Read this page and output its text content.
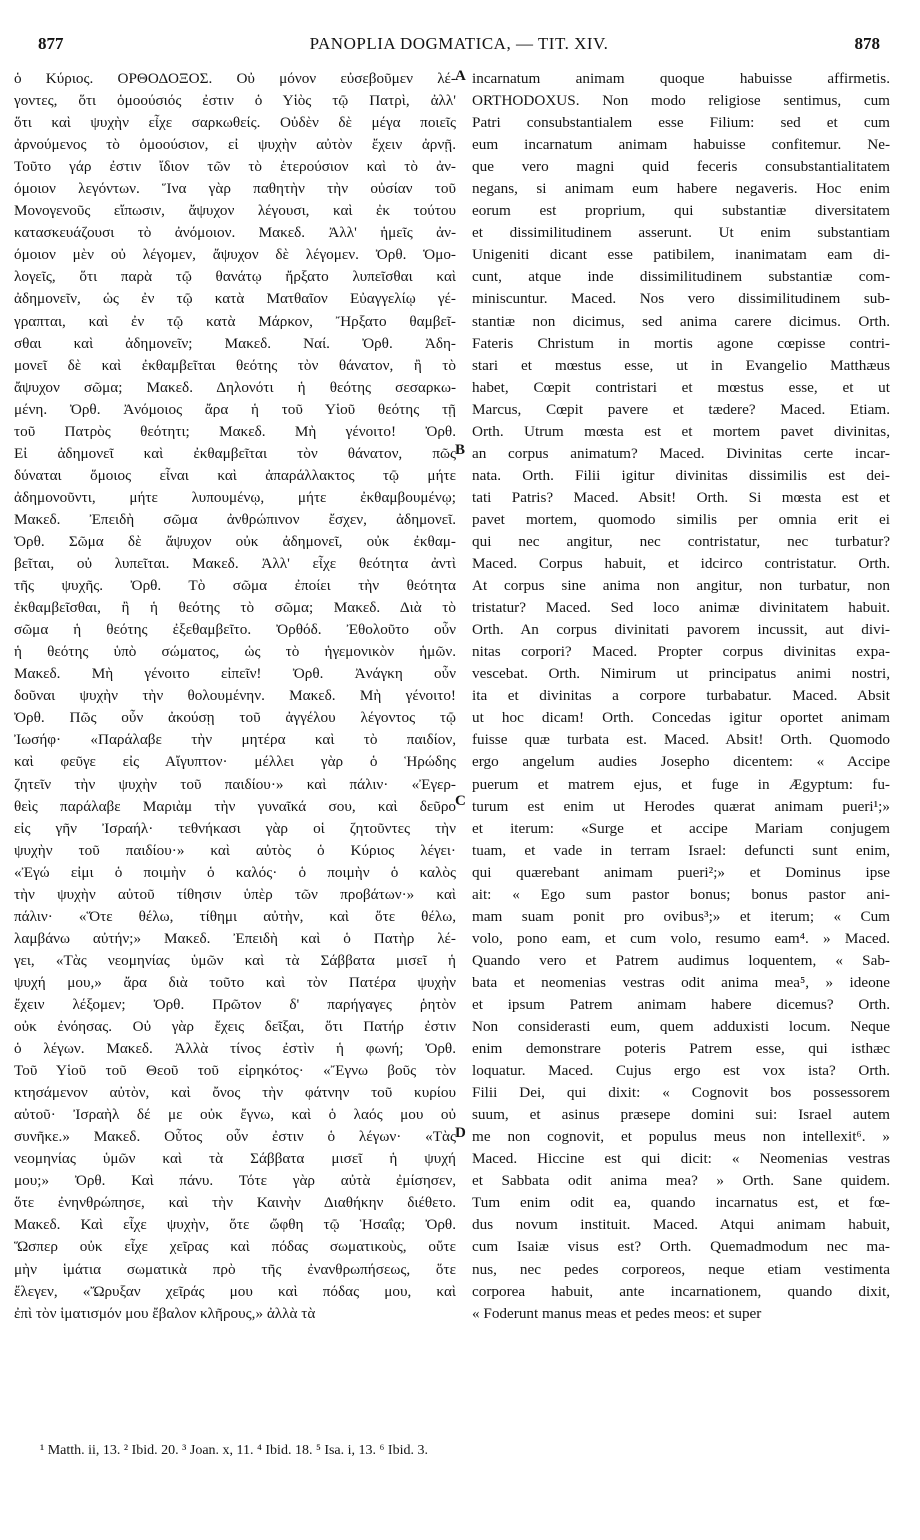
877	PANOPLIA DOGMATICA, — TIT. XIV.	878
ὁ Κύριος. ΟΡΘΟΔΟΞΟΣ. Οὐ μόνον εὐσεβοῦμεν λέ-
γοντες, ὅτι ὁμοούσιός ἐστιν ὁ Υἱὸς τῷ Πατρὶ, ἀλλ'
ὅτι καὶ ψυχὴν εἶχε σαρκωθείς. Οὐδὲν δὲ μέγα ποιεῖς
ἀρνούμενος τὸ ὁμοούσιον, εἰ ψυχὴν αὐτὸν ἔχειν ἀρνῇ.
Τοῦτο γάρ ἐστιν ἴδιον τῶν τὸ ἑτερούσιον καὶ τὸ ἀν-
όμοιον λεγόντων. Ἵνα γὰρ παθητὴν τὴν οὐσίαν τοῦ
Μονογενοῦς εἴπωσιν, ἄψυχον λέγουσι, καὶ ἐκ τούτου
κατασκευάζουσι τὸ ἀνόμοιον. Μακεδ. Ἀλλ' ἡμεῖς ἀν-
όμοιον μὲν οὐ λέγομεν, ἄψυχον δὲ λέγομεν. Ὀρθ. Ὁμο-
λογεῖς, ὅτι παρὰ τῷ θανάτῳ ἤρξατο λυπεῖσθαι καὶ
ἀδημονεῖν, ὡς ἐν τῷ κατὰ Ματθαῖον Εὐαγγελίῳ γέ-
γραπται, καὶ ἐν τῷ κατὰ Μάρκον, Ἤρξατο θαμβεῖ-
σθαι καὶ ἀδημονεῖν; Μακεδ. Ναί. Ὀρθ. Ἀδη-
μονεῖ δὲ καὶ ἐκθαμβεῖται θεότης τὸν θάνατον, ἢ τὸ
ἄψυχον σῶμα; Μακεδ. Δηλονότι ἡ θεότης σεσαρκω-
μένη. Ὀρθ. Ἀνόμοιος ἄρα ἡ τοῦ Υἱοῦ θεότης τῇ
τοῦ Πατρὸς θεότητι; Μακεδ. Μὴ γένοιτο! Ὀρθ.
Εἰ ἀδημονεῖ καὶ ἐκθαμβεῖται τὸν θάνατον, πῶς
δύναται ὅμοιος εἶναι καὶ ἀπαράλλακτος τῷ μήτε
ἀδημονοῦντι, μήτε λυπουμένῳ, μήτε ἐκθαμβουμένῳ;
Μακεδ. Ἐπειδὴ σῶμα ἀνθρώπινον ἔσχεν, ἀδημονεῖ.
Ὀρθ. Σῶμα δὲ ἄψυχον οὐκ ἀδημονεῖ, οὐκ ἐκθαμ-
βεῖται, οὐ λυπεῖται. Μακεδ. Ἀλλ' εἶχε θεότητα ἀντὶ
τῆς ψυχῆς. Ὀρθ. Τὸ σῶμα ἐποίει τὴν θεότητα
ἐκθαμβεῖσθαι, ἢ ἡ θεότης τὸ σῶμα; Μακεδ. Διὰ τὸ
σῶμα ἡ θεότης ἐξεθαμβεῖτο. Ὀρθόδ. Ἐθολοῦτο οὖν
ἡ θεότης ὑπὸ σώματος, ὡς τὸ ἡγεμονικὸν ἡμῶν.
Μακεδ. Μὴ γένοιτο εἰπεῖν! Ὀρθ. Ἀνάγκη οὖν
δοῦναι ψυχὴν τὴν θολουμένην. Μακεδ. Μὴ γένοιτο!
Ὀρθ. Πῶς οὖν ἀκούσῃ τοῦ ἀγγέλου λέγοντος τῷ
Ἰωσήφ· «Παράλαβε τὴν μητέρα καὶ τὸ παιδίον,
καὶ φεῦγε εἰς Αἴγυπτον· μέλλει γὰρ ὁ Ἡρώδης
ζητεῖν τὴν ψυχὴν τοῦ παιδίου·» καὶ πάλιν· «Ἐγερ-
θεὶς παράλαβε Μαριὰμ τὴν γυναῖκά σου, καὶ δεῦρο
εἰς γῆν Ἰσραήλ· τεθνήκασι γὰρ οἱ ζητοῦντες τὴν
ψυχὴν τοῦ παιδίου·» καὶ αὐτὸς ὁ Κύριος λέγει·
«Ἐγώ εἰμι ὁ ποιμὴν ὁ καλός· ὁ ποιμὴν ὁ καλὸς
τὴν ψυχὴν αὐτοῦ τίθησιν ὑπὲρ τῶν προβάτων·» καὶ
πάλιν· «Ὅτε θέλω, τίθημι αὐτὴν, καὶ ὅτε θέλω,
λαμβάνω αὐτήν;» Μακεδ. Ἐπειδὴ καὶ ὁ Πατὴρ λέ-
γει, «Τὰς νεομηνίας ὑμῶν καὶ τὰ Σάββατα μισεῖ ἡ
ψυχή μου,» ἄρα διὰ τοῦτο καὶ τὸν Πατέρα ψυχὴν
ἔχειν λέξομεν; Ὀρθ. Πρῶτον δ' παρήγαγες ῥητὸν
οὐκ ἐνόησας. Οὐ γὰρ ἔχεις δεῖξαι, ὅτι Πατήρ ἐστιν
ὁ λέγων. Μακεδ. Ἀλλὰ τίνος ἐστὶν ἡ φωνή; Ὀρθ.
Τοῦ Υἱοῦ τοῦ Θεοῦ τοῦ εἰρηκότος· «Ἔγνω βοῦς τὸν
κτησάμενον αὐτὸν, καὶ ὄνος τὴν φάτνην τοῦ κυρίου
αὐτοῦ· Ἰσραὴλ δέ με οὐκ ἔγνω, καὶ ὁ λαός μου οὐ
συνῆκε.» Μακεδ. Οὗτος οὖν ἐστιν ὁ λέγων· «Τὰς
νεομηνίας ὑμῶν καὶ τὰ Σάββατα μισεῖ ἡ ψυχή
μου;» Ὀρθ. Καὶ πάνυ. Τότε γὰρ αὐτὰ ἐμίσησεν,
ὅτε ἐνηνθρώπησε, καὶ τὴν Καινὴν Διαθήκην διέθετο.
Μακεδ. Καὶ εἶχε ψυχὴν, ὅτε ὤφθη τῷ Ἡσαΐᾳ; Ὀρθ.
Ὥσπερ οὐκ εἶχε χεῖρας καὶ πόδας σωματικοὺς, οὔτε
μὴν ἱμάτια σωματικὰ πρὸ τῆς ἐνανθρωπήσεως, ὅτε
ἔλεγεν, «Ὤρυξαν χεῖράς μου καὶ πόδας μου, καὶ
ἐπὶ τὸν ἱματισμόν μου ἔβαλον κλῆρους,» ἀλλὰ τὰ
incarnatum animam quoque habuisse affirmetis.
ORTHODOXUS. Non modo religiose sentimus, cum
Patri consubstantialem esse Filium: sed et cum
eum incarnatum animam habuisse confitemur. Ne-
que vero magni quid feceris consubstantialitatem
negans, si animam eum habere negaveris. Hoc enim
eorum est proprium, qui substantiæ diversitatem
et dissimilitudinem asserunt. Ut enim substantiam
Unigeniti dicant esse patibilem, inanimatam eam di-
cunt, atque inde dissimilitudinem substantiæ com-
miniscuntur. Maced. Nos vero dissimilitudinem sub-
stantiæ non dicimus, sed anima carere dicimus. Orth.
Fateris Christum in mortis agone cœpisse contri-
stari et mœstus esse, ut in Evangelio Matthæus
habet, Cœpit contristari et mœstus esse, et ut
Marcus, Cœpit pavere et tædere? Maced. Etiam.
Orth. Utrum mœsta est et mortem pavet divinitas,
an corpus animatum? Maced. Divinitas certe incar-
nata. Orth. Filii igitur divinitas dissimilis est dei-
tati Patris? Maced. Absit! Orth. Si mœsta est et
pavet mortem, quomodo similis per omnia erit ei
qui nec angitur, nec contristatur, nec turbatur?
Maced. Corpus habuit, et idcirco contristatur. Orth.
At corpus sine anima non angitur, non turbatur, non
tristatur? Maced. Sed loco animæ divinitatem habuit.
Orth. An corpus divinitati pavorem incussit, aut divi-
nitas corpori? Maced. Propter corpus divinitas expa-
vescebat. Orth. Nimirum ut principatus animi nostri,
ita et divinitas a corpore turbabatur. Maced. Absit
ut hoc dicam! Orth. Concedas igitur oportet animam
fuisse quæ turbata est. Maced. Absit! Orth. Quomodo
ergo angelum audies Josepho dicentem: « Accipe
puerum et matrem ejus, et fuge in Ægyptum: fu-
turum est enim ut Herodes quærat animam pueri¹;»
et iterum: «Surge et accipe Mariam conjugem
tuam, et vade in terram Israel: defuncti sunt enim,
qui quærebant animam pueri²;» et Dominus ipse
ait: « Ego sum pastor bonus; bonus pastor ani-
mam suam ponit pro ovibus³;» et iterum; « Cum
volo, pono eam, et cum volo, resumo eam⁴. » Maced.
Quando vero et Patrem audimus loquentem, « Sab-
bata et neomenias vestras odit anima mea⁵, » ideone
et ipsum Patrem animam habere dicemus? Orth.
Non considerasti eum, quem adduxisti locum. Neque
enim demonstrare poteris Patrem esse, qui isthæc
loquatur. Maced. Cujus ergo est vox ista? Orth.
Filii Dei, qui dixit: « Cognovit bos possessorem
suum, et asinus præsepe domini sui: Israel autem
me non cognovit, et populus meus non intellexit⁶. »
Maced. Hiccine est qui dicit: « Neomenias vestras
et Sabbata odit anima mea? » Orth. Sane quidem.
Tum enim odit ea, quando incarnatus est, et fœ-
dus novum instituit. Maced. Atqui animam habuit,
cum Isaiæ visus est? Orth. Quemadmodum nec ma-
nus, nec pedes corporeos, neque etiam vestimenta
corporea habuit, ante incarnationem, quando dixit,
« Foderunt manus meas et pedes meos: et super
A
B
C
D
¹ Matth. ii, 13. ² Ibid. 20. ³ Joan. x, 11. ⁴ Ibid. 18. ⁵ Isa. i, 13. ⁶ Ibid. 3.
